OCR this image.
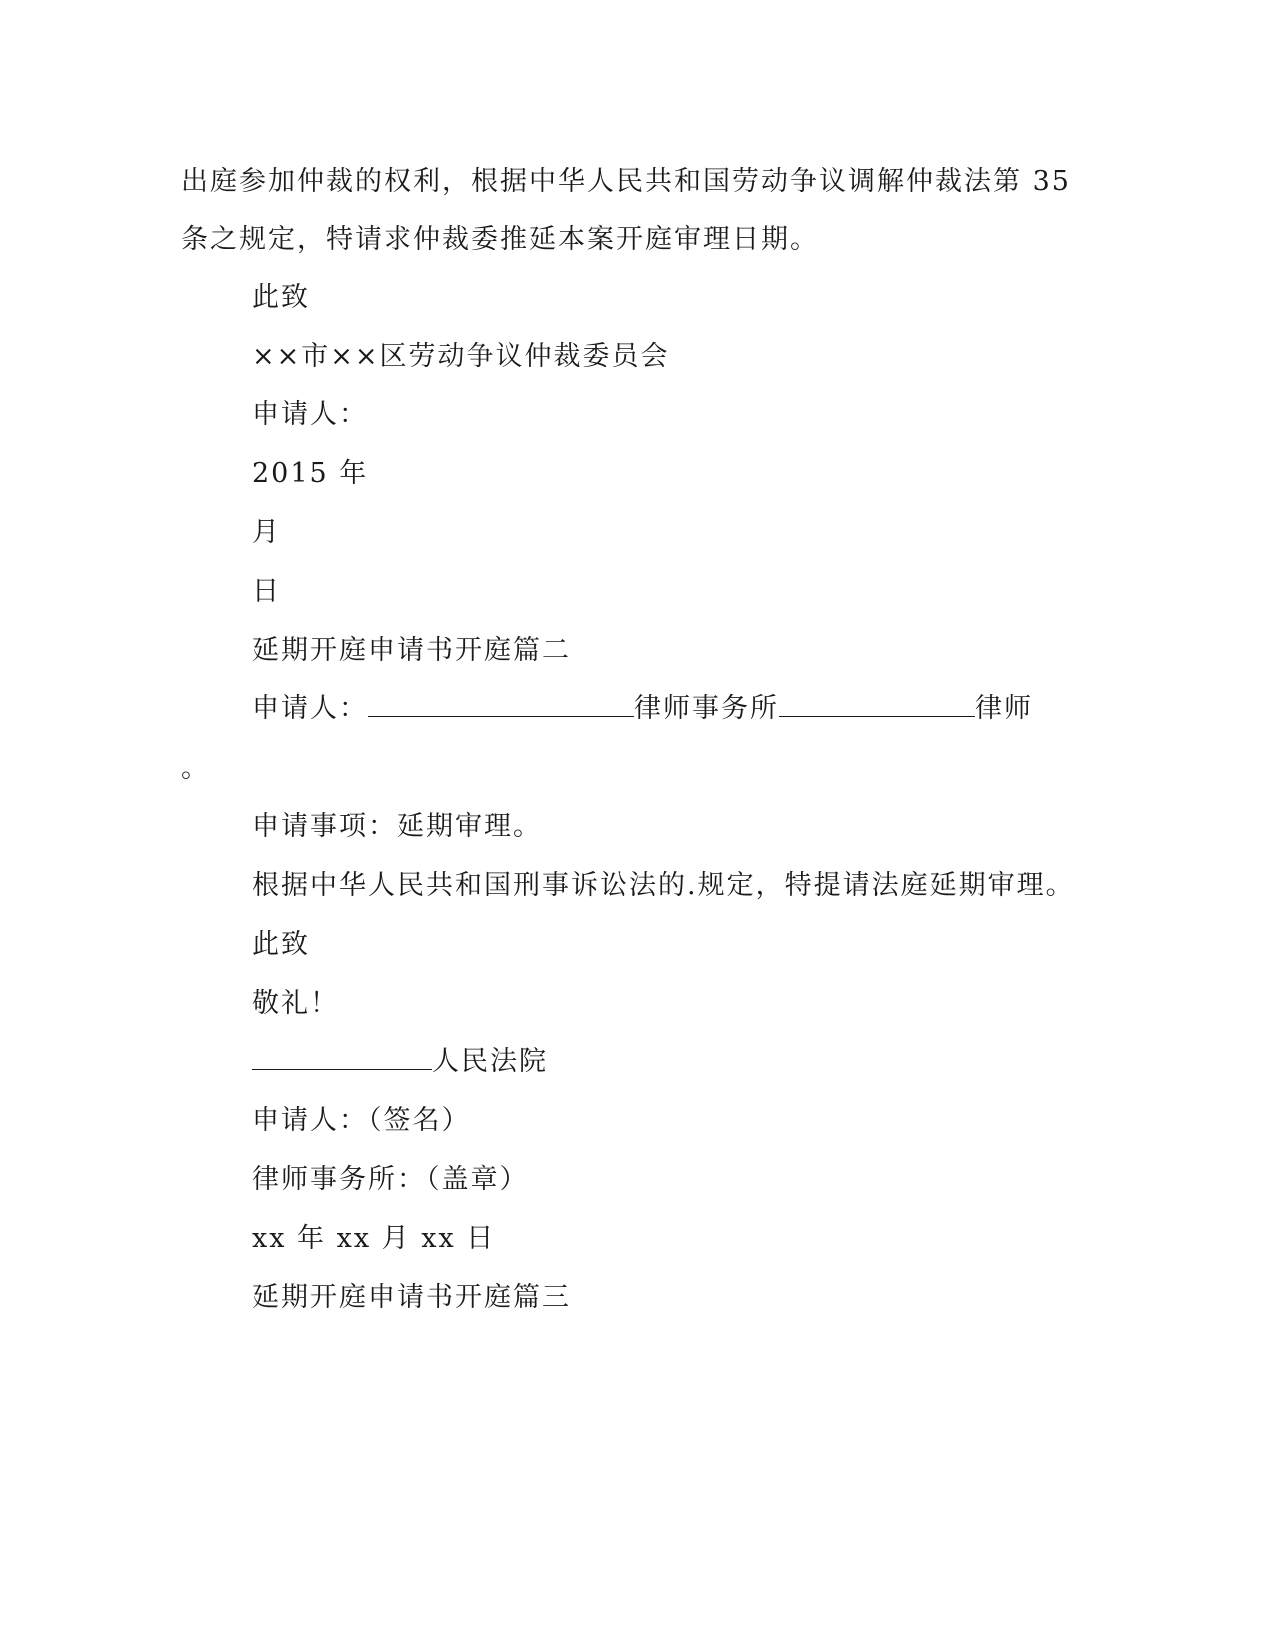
出庭参加仲裁的权利，根据中华人民共和国劳动争议调解仲裁法第 35
条之规定，特请求仲裁委推延本案开庭审理日期。
此致
××市××区劳动争议仲裁委员会
申请人：
2015 年
月
日
延期开庭申请书开庭篇二
申请人：	律师事务所	律师
。
申请事项：延期审理。
根据中华人民共和国刑事诉讼法的.规定，特提请法庭延期审理。
此致
敬礼！
人民法院
申请人：（签名）
律师事务所：（盖章）
xx 年 xx 月 xx 日
延期开庭申请书开庭篇三
